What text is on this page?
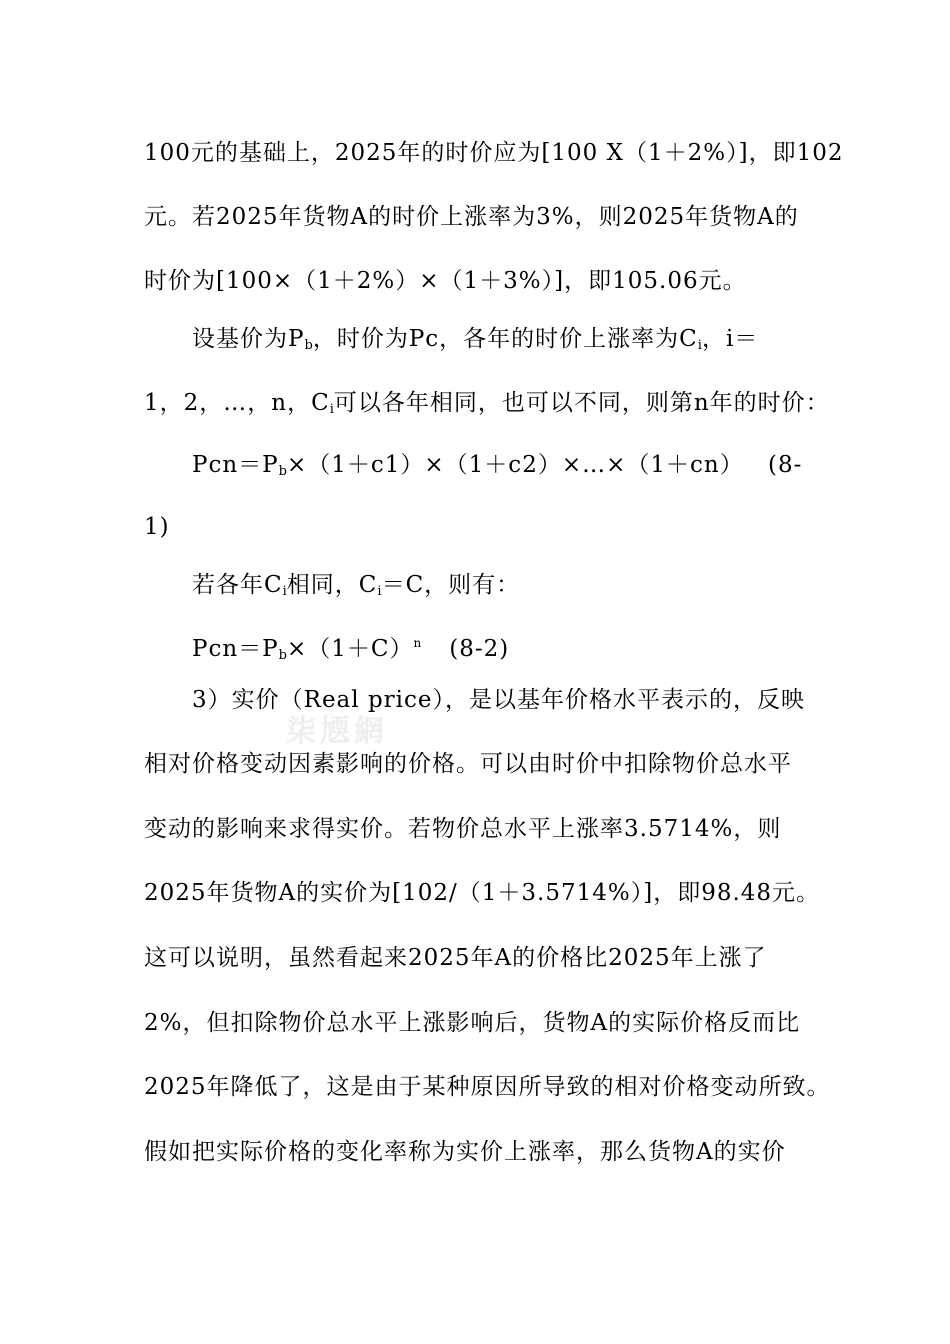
柒㐡網
100元的基础上，2025年的时价应为[100 X（1＋2%）]，即102
元。若2025年货物A的时价上涨率为3%，则2025年货物A的
时价为[100×（1＋2%）×（1＋3%）]，即105.06元。
设基价为$P_b$，时价为Pc，各年的时价上涨率为$C_i$，i＝
1，2，…，n，$C_i$可以各年相同，也可以不同，则第n年的时价：
$Pcn=P_b\times(1+c1)\times(1+c2)\times\dots\times(1+cn)$	(8-
1)
若各年$C_i$相同，$C_i=C$，则有：
$Pcn=P_b\times(1+C)^n$ (8-2)
3）实价（Real price），是以基年价格水平表示的，反映
相对价格变动因素影响的价格。可以由时价中扣除物价总水平
变动的影响来求得实价。若物价总水平上涨率3.5714%，则
2025年货物A的实价为[102/（1＋3.5714%）]，即98.48元。
这可以说明，虽然看起来2025年A的价格比2025年上涨了
2%，但扣除物价总水平上涨影响后，货物A的实际价格反而比
2025年降低了，这是由于某种原因所导致的相对价格变动所致。
假如把实际价格的变化率称为实价上涨率，那么货物A的实价
